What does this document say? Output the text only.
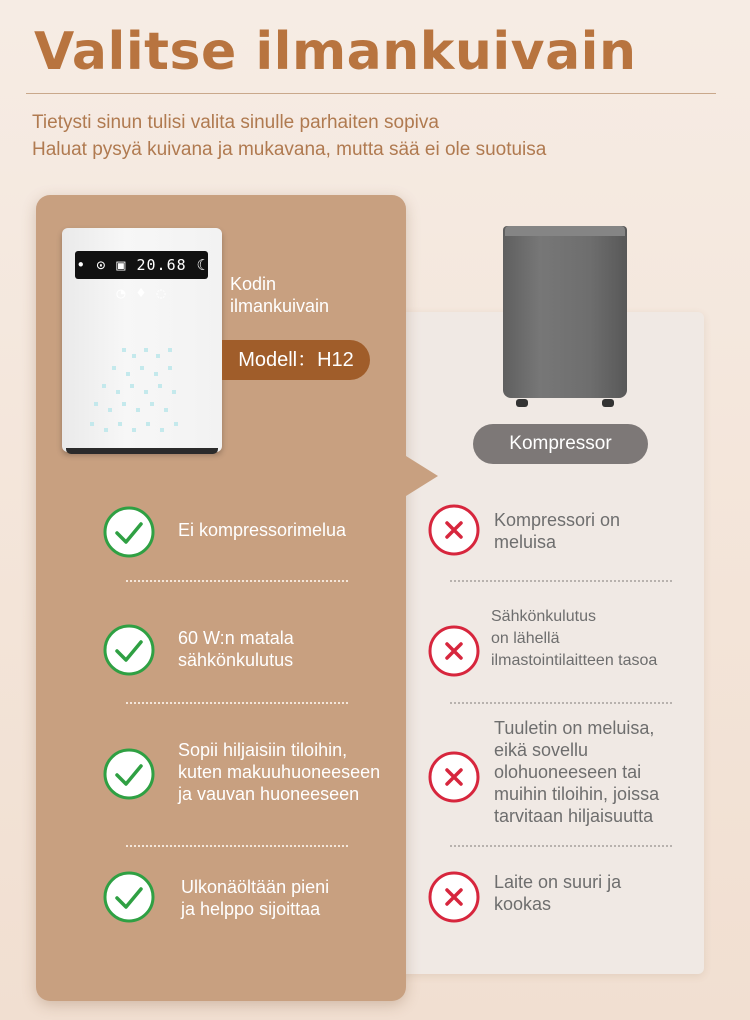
Valitse ilmankuivain
Tietysti sinun tulisi valita sinulle parhaiten sopiva
Haluat pysyä kuivana ja mukavana, mutta sää ei ole suotuisa
• ⊙ ▣ 20.68 ☾ ◔ ♦ ◌	Kodin
ilmankuivain
Modell：H12
Kompressor
Ei kompressorimelua
60 W:n matala
sähkönkulutus
Sopii hiljaisiin tiloihin,
kuten makuuhuoneeseen
ja vauvan huoneeseen
Ulkonäöltään pieni
ja helppo sijoittaa
Kompressori on
meluisa
Sähkönkulutus
on lähellä
ilmastointilaitteen tasoa
Tuuletin on meluisa,
eikä sovellu
olohuoneeseen tai
muihin tiloihin, joissa
tarvitaan hiljaisuutta
Laite on suuri ja
kookas
